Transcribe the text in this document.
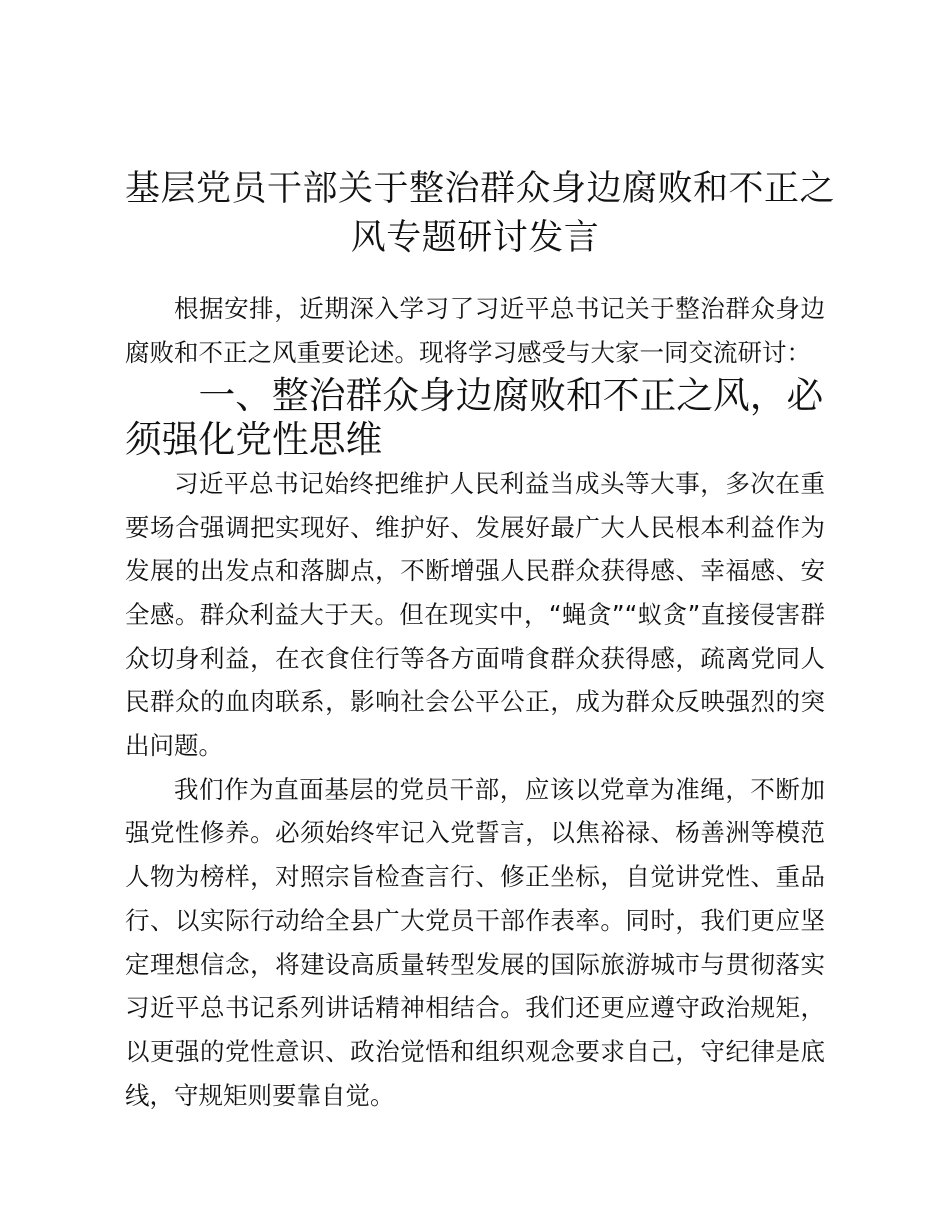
基层党员干部关于整治群众身边腐败和不正之
风专题研讨发言

根据安排，近期深入学习了习近平总书记关于整治群众身边腐败和不正之风重要论述。现将学习感受与大家一同交流研讨：

一、整治群众身边腐败和不正之风，必须强化党性思维

习近平总书记始终把维护人民利益当成头等大事，多次在重要场合强调把实现好、维护好、发展好最广大人民根本利益作为发展的出发点和落脚点，不断增强人民群众获得感、幸福感、安全感。群众利益大于天。但在现实中，“蝇贪”“蚁贪”直接侵害群众切身利益，在衣食住行等各方面啃食群众获得感，疏离党同人民群众的血肉联系，影响社会公平公正，成为群众反映强烈的突出问题。

我们作为直面基层的党员干部，应该以党章为准绳，不断加强党性修养。必须始终牢记入党誓言，以焦裕禄、杨善洲等模范人物为榜样，对照宗旨检查言行、修正坐标，自觉讲党性、重品行、以实际行动给全县广大党员干部作表率。同时，我们更应坚定理想信念，将建设高质量转型发展的国际旅游城市与贯彻落实习近平总书记系列讲话精神相结合。我们还更应遵守政治规矩，以更强的党性意识、政治觉悟和组织观念要求自己，守纪律是底线，守规矩则要靠自觉。
